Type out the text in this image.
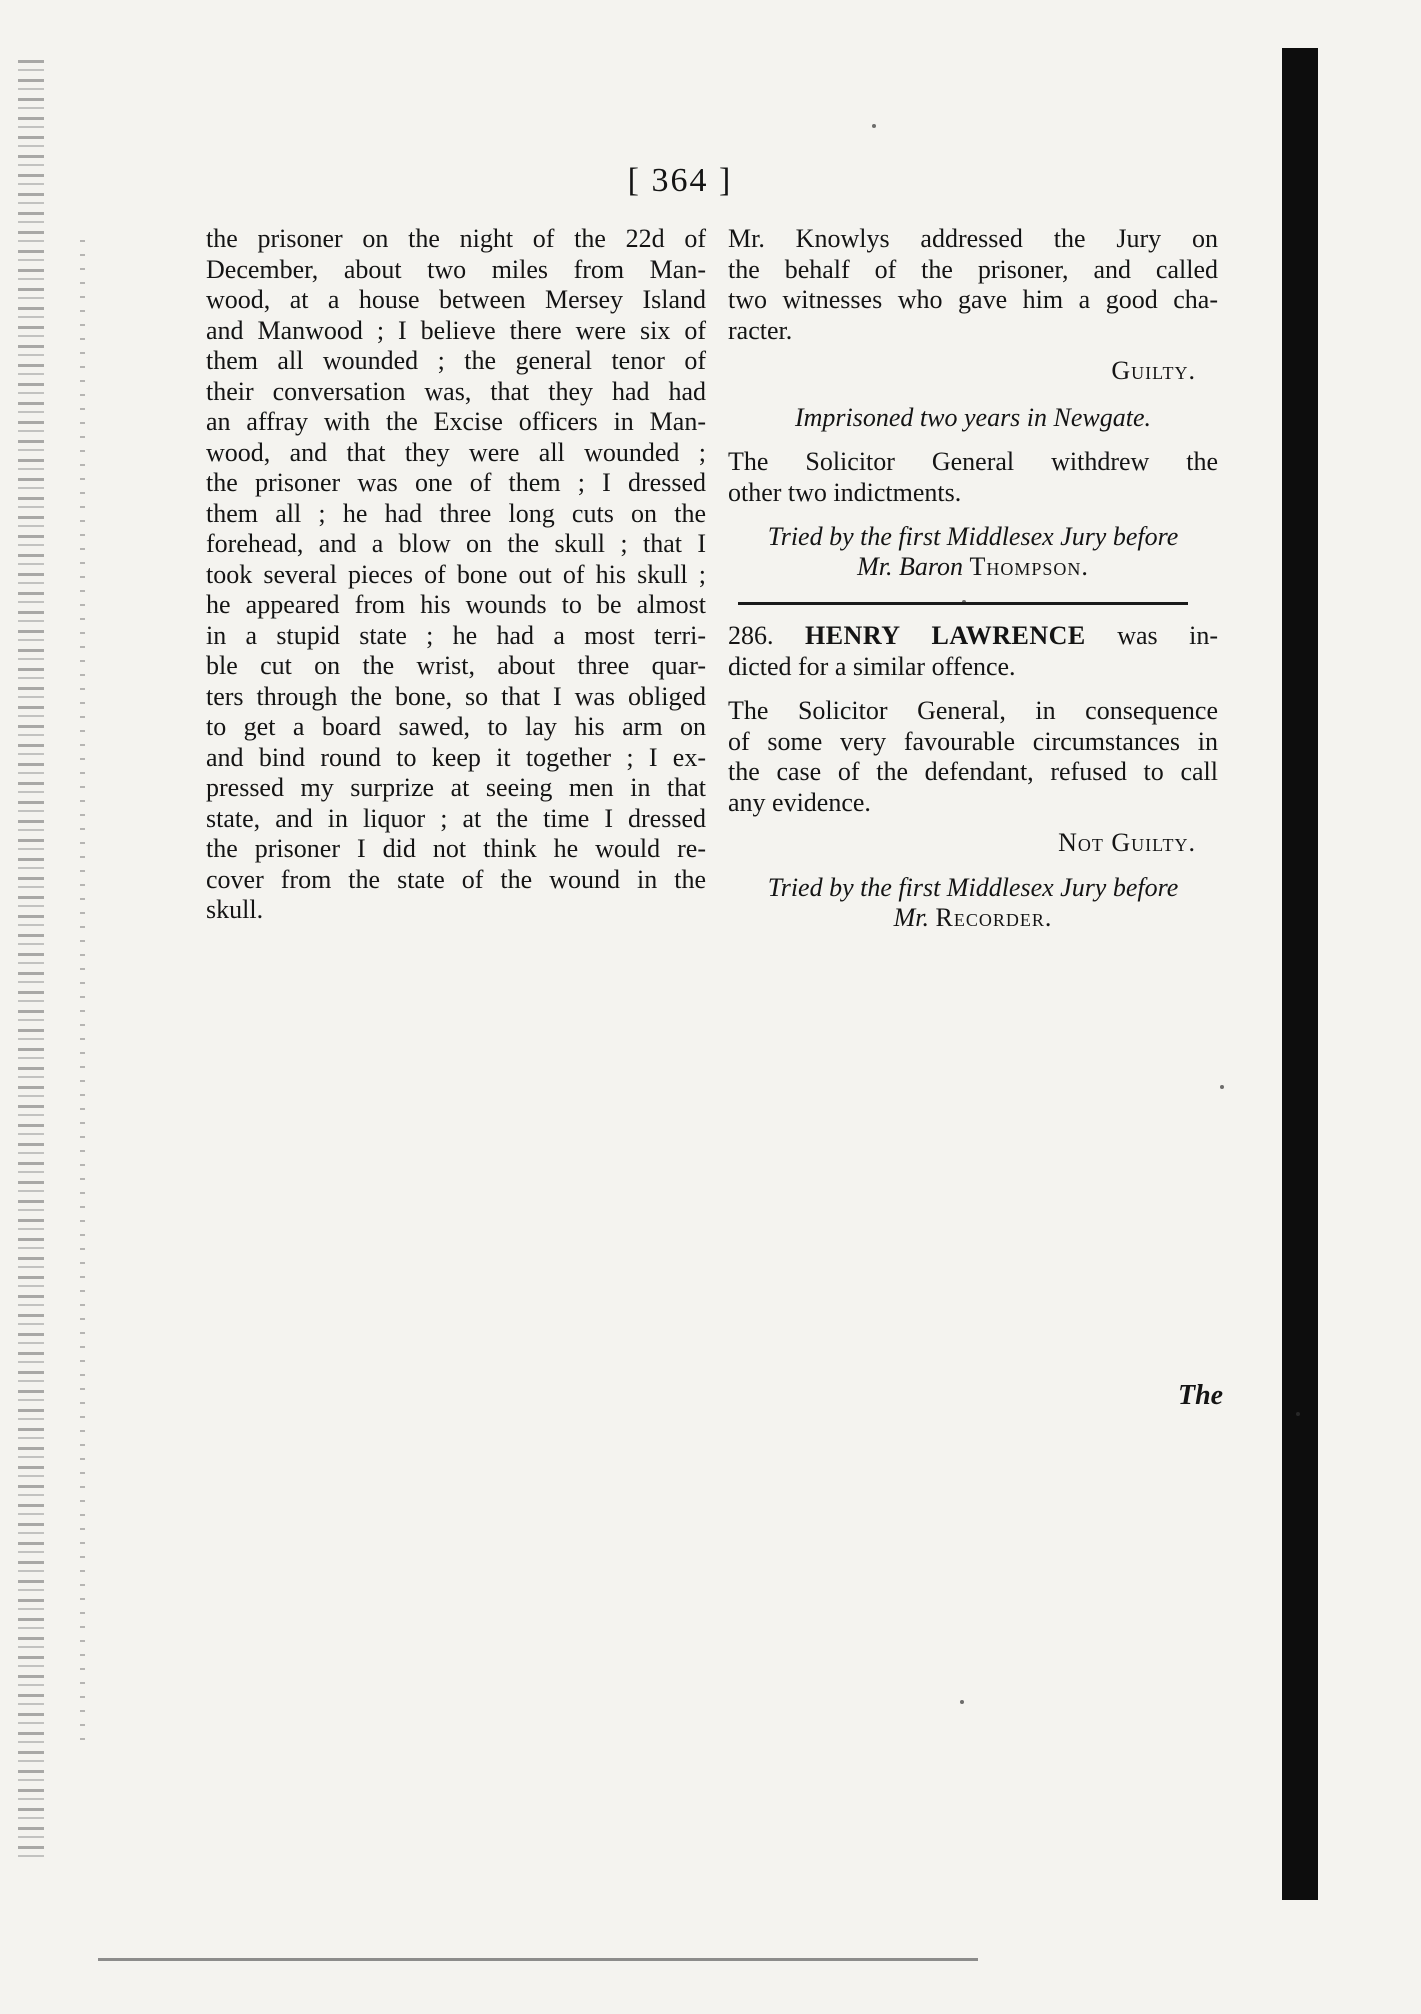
[ 364 ]

the prisoner on the night of the 22d of
December, about two miles from Man-
wood, at a house between Mersey Island
and Manwood ; I believe there were six of
them all wounded ; the general tenor of
their conversation was, that they had had
an affray with the Excise officers in Man-
wood, and that they were all wounded ;
the prisoner was one of them ; I dressed
them all ; he had three long cuts on the
forehead, and a blow on the skull ; that I
took several pieces of bone out of his skull ;
he appeared from his wounds to be almost
in a stupid state ; he had a most terri-
ble cut on the wrist, about three quar-
ters through the bone, so that I was obliged
to get a board sawed, to lay his arm on
and bind round to keep it together ; I ex-
pressed my surprize at seeing men in that
state, and in liquor ; at the time I dressed
the prisoner I did not think he would re-
cover from the state of the wound in the
skull.

Mr. Knowlys addressed the Jury on
the behalf of the prisoner, and called
two witnesses who gave him a good cha-
racter.

Guilty.
Imprisoned two years in Newgate.

The Solicitor General withdrew the
other two indictments.

Tried by the first Middlesex Jury before
Mr. Baron Thompson.

286. HENRY LAWRENCE was in-
dicted for a similar offence.

The Solicitor General, in consequence
of some very favourable circumstances in
the case of the defendant, refused to call
any evidence.

Not Guilty.
Tried by the first Middlesex Jury before
Mr. Recorder.
The
